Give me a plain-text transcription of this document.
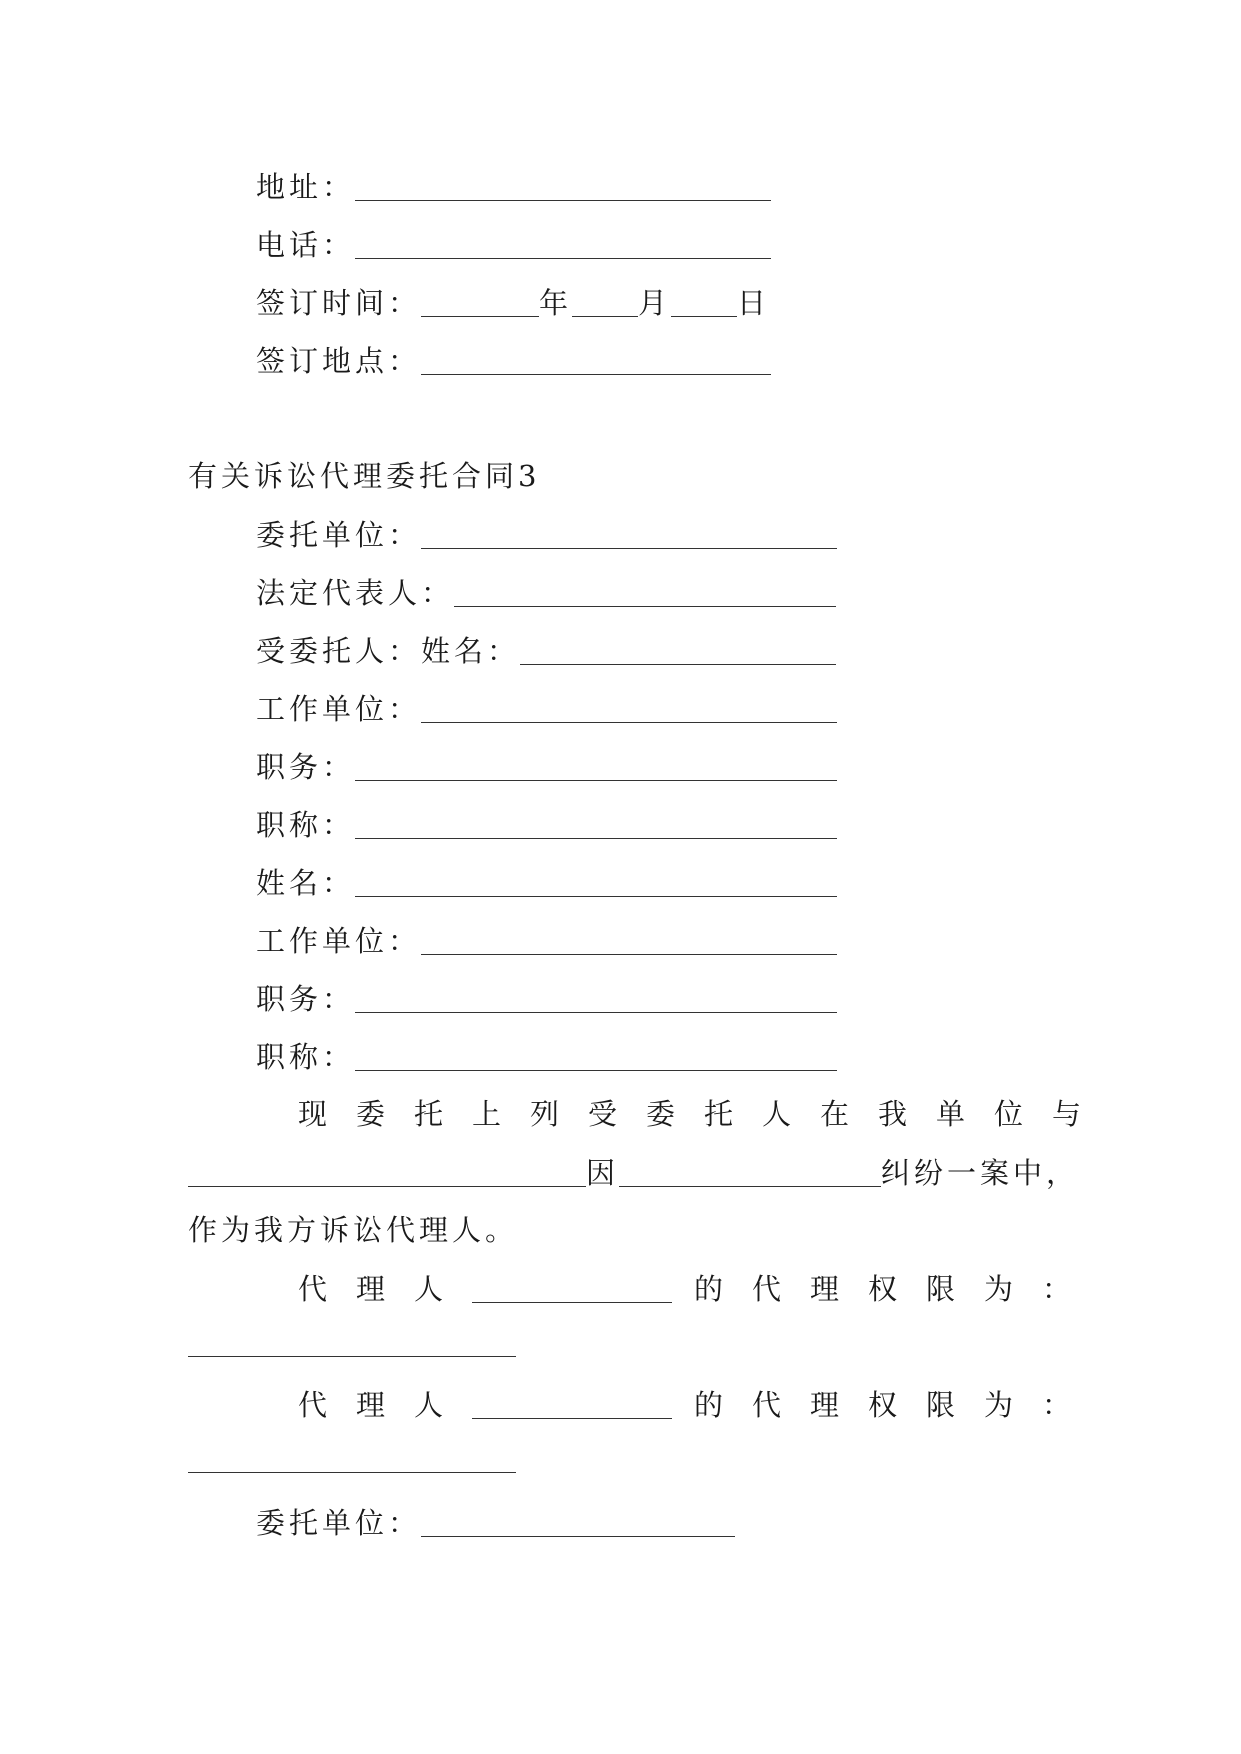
地址：
电话：
签订时间：	年 月 日
签订地点：
有关诉讼代理委托合同3
委托单位：
法定代表人：
受委托人：姓名：
工作单位：
职务：
职称：
姓名：
工作单位：
职务：
职称：
现委托上列受委托人在我单位与
因	纠纷一案中，
作为我方诉讼代理人。
代理人	的代理权限为：
代理人	的代理权限为：
委托单位：
